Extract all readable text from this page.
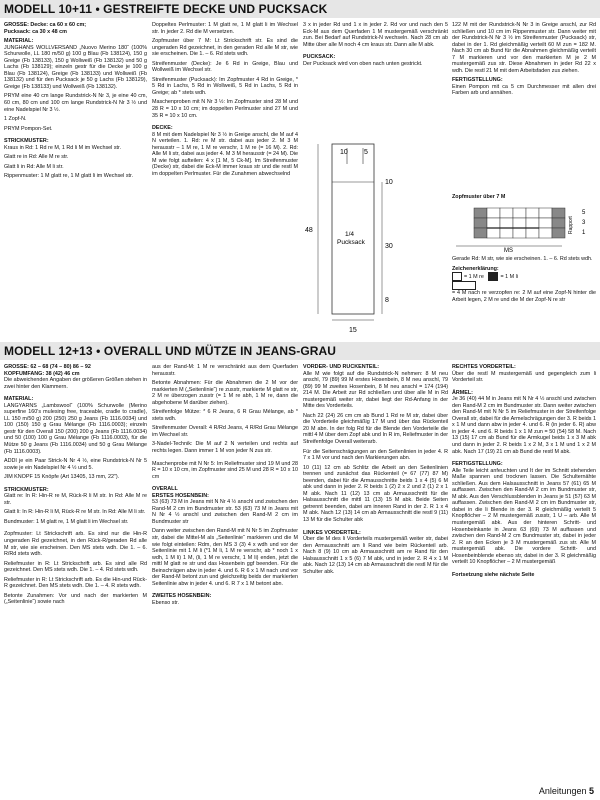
MODELL 10+11 • GESTREIFTE DECKE UND PUCKSACK
GRÖSSE: Decke: ca 60 x 60 cm;
Pucksack: ca 30 x 48 cm
MATERIAL:

JUNGHANS WOLLVERSAND „Nuovo Merino 180“ (100% Schurwolle, LL 180 m/50 g) 100 g Blau (Fb 138124), 150 g Greige (Fb 138133), 150 g Wollweiß (Fb 138132) und 50 g Lachs (Fb 138129); einzeln gestr für die Decke je 100 g Blau (Fb 138124), Greige (Fb 138133) und Wollweiß (Fb 138132) und für den Pucksack je 50 g Lachs (Fb 138129), Greige (Fb 138133) und Wollweiß (Fb 138132).

PRYM eine 40 cm lange Rundstrick-N Nr 3, je eine 40 cm, 60 cm, 80 cm und 100 cm lange Rundstrick-N Nr 3 ½ und eine Nadelspiel Nr 3 ½.

1 Zopf-N.

PRYM Pompon-Set.

STRICKMUSTER:

Kraus in Rd: 1 Rd re M, 1 Rd li M im Wechsel str.

Glatt re in Rd: Alle M re str.

Glatt li in Rd: Alle M li str.

Rippenmuster: 1 M glatt re, 1 M glatt li im Wechsel str.

Doppeltes Perlmuster: 1 M glatt re, 1 M glatt li im Wechsel str. In jeder 2. Rd die M versetzen.

Zopfmuster über 7 M: Lt Strickschrift str. Es sind die ungeraden Rd gezeichnet, in den geraden Rd alle M str, wie sie erscheinen. Die 1. – 6. Rd stets wdh.

Streifenmuster (Decke): Je 6 Rd in Greige, Blau und Wollweiß im Wechsel str.

Streifenmuster (Pucksack): Im Zopfmuster 4 Rd in Greige, * 5 Rd in Lachs, 5 Rd in Wollweiß, 5 Rd in Lachs, 5 Rd in Greige; ab * stets wdh.

Maschenproben mit N Nr 3 ½: Im Zopfmuster sind 28 M und 28 R = 10 x 10 cm; im doppelten Perlmuster sind 27 M und 35 R = 10 x 10 cm.

DECKE:

8 M mit dem Nadelspiel Nr 3 ½ in Greige anschl, die M auf 4 N verteilen. 1. Rd: re M str. dabei aus jeder 2. M 3 M herausstr – 1 M re, 1 M re verschr, 1 M re (= 16 M). 2. Rd: Alle M li str, dabei aus jeder 4. M 3 M herausstr (= 24 M). Die M wie folgt aufteilen: 4 x [1 M, 5 Ck-M]. Im Streifenmuster (Decke) str, dabei die Eck-M immer kraus str und die restl M im doppelten Perlmuster. Für die Zunahmen abwechselnd

3 x in jeder Rd und 1 x in jeder 2. Rd vor und nach den 5 Eck-M aus dem Querfaden 1 M mustergemäß verschränkt zun. Bei Bedarf auf Rundstrick-N wechseln. Nach 28 cm ab Mitte über alle M noch 4 cm kraus str. Dann alle M abk.

PUCKSACK:

Der Pucksack wird von oben nach unten gestrickt.

122 M mit der Rundstrick-N Nr 3 in Greige anschl, zur Rd schließen und 10 cm im Rippenmuster str. Dann weiter mit der Rundstrick-N Nr 3 ½ im Streifenmuster (Pucksack) str, dabei in der 1. Rd gleichmäßig verteilt 60 M zun = 182 M. Nach 30 cm ab Bund für die Abnahmen gleichmäßig verteilt 7 M markieren und vor den markierten M je 2 M mustergemäß zus str. Diese Abnahmen in jeder Rd 22 x wdh. Die restl 21 M mit dem Arbeitsfaden zus ziehen.

FERTIGSTELLUNG:

Einen Pompon mit ca 5 cm Durchmesser mit allen drei Farben arb und annähen.

10 5
48
1/4
Pucksack
10
30
8
15
Zopfmuster über 7 M
Rapport
5
3
1
MS

Gerade Rd: M str, wie sie erscheinen. 1. – 6. Rd stets wdh.

Zeichenerklärung:
= 1 M re	= 1 M li

= 4 M nach re verzopfen re: 2 M auf eine Zopf-N hinter die Arbeit legen, 2 M re und die M der Zopf-N re str

MODELL 12+13 • OVERALL UND MÜTZE IN JEANS-GRAU
GRÖSSE: 62 – 68 (74 – 80) 86 – 92
KOPFUMFANG: 38 (42) 46 cm

Die abweichenden Angaben der größeren Größen stehen in zwei hinter den Klammern.

MATERIAL:

LANGYARNS „Lambswool“ (100% Schurwolle (Merino superfine 160's mulesing free, traceable, cradle to cradle), LL 150 m/50 g) 200 (250) 250 g Jeans (Fb 1116.0034) und 100 (150) 150 g Grau Mélange (Fb 1116.0003); einzeln gestr für den Overall 150 (200) 200 g Jeans (Fb 1116.0034) und 50 (100) 100 g Grau Mélange (Fb 1116.0003), für die Mütze 50 g Jeans (Fb 1116.0034) und 50 g Grau Mélange (Fb 1116.0003).

ADDI je ein Paar Strick-N Nr 4 ½, eine Rundstrick-N Nr 5 sowie je ein Nadelspiel Nr 4 ½ und 5.

JIM KNOPF 15 Knöpfe (Art 13405, 13 mm, 22").

STRICKMUSTER:

Glatt re: In R: Hin-R re M, Rück-R li M str. In Rd: Alle M re str.

Glatt li: In R: Hin-R li M, Rück-R re M str. In Rd: Alle M li str.

Bundmuster: 1 M glatt re, 1 M glatt li im Wechsel str.

Zopfmuster: Lt Strickschrift arb. Es sind nur die Hin-R ungeraden Rd gezeichnet, in den Rück-R/geraden Rd alle M str, wie sie erscheinen. Den MS stets wdh. Die 1. – 6. R/Rd stets wdh.

Reliefmuster in R: Lt Strickschrift arb. Es sind alle Rd gezeichnet. Den MS stets wdh. Die 1. – 4. Rd stets wdh.

Reliefmuster in R: Lt Strickschrift arb. Es die Hin-und Rück-R gezeichnet. Den MS stets wdh. Die 1. – 4. R stets wdh.

Betonte Zunahmen: Vor und nach der markierten M („Seitenlinie“) sowie nach

aus der Rand-M: 1 M re verschränkt aus dem Querfaden herausstr.

Betonte Abnahmen: Für die Abnahmen die 2 M vor der markierten M („Seitenlinie“) re zusstr, markierte M glatt re str, 2 M re überzogen zusstr (= 1 M re abh, 1 M re, dann die abgehobene M darüber ziehen).

Streifenfolge Mütze: * 6 R Jeans, 6 R Grau Mélange, ab * stets wdh.

Streifenmuster Overall: 4 R/Rd Jeans, 4 R/Rd Grau Mélange im Wechsel str.

3-Nadel-Technik: Die M auf 2 N verteilen und rechts auf rechts legen. Dann immer 1 M von jeder N zus str.

Maschenprobe mit N Nr 5: Im Reliefmuster sind 19 M und 28 R = 10 x 10 cm, im Zopfmuster sind 25 M und 28 R = 10 x 10 cm

OVERALL
ERSTES HOSENBEIN:

53 (63) 73 M in Jeans mit N Nr 4 ½ anschl und zwischen den Rand-M 2 cm im Bundmuster str. 53 (63) 73 M in Jeans mit N Nr 4 ½ anschl und zwischen den Rand-M 2 cm im Bundmuster str

Dann weiter zwischen den Rand-M mit N Nr 5 im Zopfmuster str, dabei die Mittel-M als „Seitenlinie“ markieren und die M wie folgt einteilen: Rdm, den MS 3 (3) 4 x wdh und vor der Seitenlinie mit 1 M li (*1 M li, 1 M re verschr, ab * noch 1 x wdh, 1 M li) 1 M, (li, 1 M re verschr, 1 M li) enden, jetzt die mittl M glatt re str und das Hosenbein ggf beenden. Für die Beinschrägen abw in jeder 4. und 6. R 6 x 1 M nach und vor der Rand-M betont zun und gleichzeitig beids der markierten Seitenlinie abw in jeder 4. und 6. R 7 x 1 M betont abn.

ZWEITES HOSENBEIN:

Ebenso str.

VORDER- UND RÜCKENTEIL:

Alle M wie folgt auf die Rundstrick-N nehmen: 8 M neu anschl, 79 (89) 99 M erstes Hosenbein, 8 M neu anschl, 79 (89) 99 M zweites Hosenbein, 8 M neu anschl = 174 (194) 214 M. Die Arbeit zur Rd schließen und über alle M in Rd mustergemäß weiter str, dabei liegt der Rd-Anfang in der Mitte des Vorderteils.

Nach 22 (24) 26 cm cm ab Bund 1 Rd re M str, dabei über die Vorderteile gleichmäßig 17 M und über das Rückenteil 20 M abn. In der folg Rd für die Blende den Vorderteile die mittl 4 M über dem Zopf abk und In R im, Reliefmuster in der Streifenfolge Overall weiterarb.

Für die Seitenschrägungen an den Seitenlinien in jeder 4. R 7 x 1 M vor und nach den Markierungen abn.

10 (11) 12 cm ab Schlitz die Arbeit an den Seitenlinien trennen und zunächst das Rückenteil (= 67 (77) 87 M) beenden, dabei für die Armausschnitte beids 1 x 4 (5) 6 M abk und dann in jeder 2. R beids 1 (2) 2 x 2 und 2 (1) 2 x 1 M abk. Nach 11 (12) 13 cm ab Armausschnitt für die Halsausschnitt die mittl 11 (13) 15 M abk. Beide Seiten getrennt beenden, dabei am inneren Rand in der 2. R 1 x 4 M abk. Nach 12 (13) 14 cm ab Armausschnitt die restl 9 (11) 13 M für die Schulter abk

LINKES VORDERTEIL:

Über die M des li Vorderteils mustergemäß weiter str, dabei den Armausschnitt am li Rand wie beim Rückenteil arb. Nach 8 (9) 10 cm ab Armausschnitt am re Rand für den Halsausschnitt 1 x 5 (6) 7 M abk, und in jeder 2. R 4 x 1 M abk. Nach 12 (13) 14 cm ab Armausschnitt die restl M für die Schulter abk.

RECHTES VORDERTEIL:

Über die restl M mustergemäß und gegengleich zum li Vorderteil str.

ÄRMEL:

Je 36 (40) 44 M in Jeans mit N Nr 4 ½ anschl und zwischen den Rand-M 2 cm im Bundmuster str. Dann weiter zwischen den Rand-M mit N Nr 5 im Reliefmuster in der Streifenfolge Overall str, dabei für die Armelschrägungen der 3. R beids 1 x 1 M und dann abw in jeder 4. und 6. R (in jeder 6. R) abw in jeder 4. und 6. R beids 1 x 1 M zun = 50 (54) 58 M. Nach 13 (15) 17 cm ab Bund für die Armkugel beids 1 x 3 M abk und dann in jeder 2. R beids 1 x 2 M, 3 x 1 M und 1 x 2 M abk. Nach 17 (19) 21 cm ab Bund die restl M abk.

FERTIGSTELLUNG:

Alle Teile leicht anfeuchten und It der im Schnitt stehenden Maße spannen und trocknen lassen. Die Schulternähte schließen. Aus dem Halsausschnitt in Jeans 57 (61) 65 M auffassen. Zwischen den Rand-M 2 cm im Bundmuster str, M abk. Aus den Verschlussblenden in Jeans je 51 (57) 63 M auffassen. Zwischen den Rand-M 2 cm im Bundmuster str, dabei in die li Blende in der 3. R gleichmäßig verteilt 5 Knopflöcher – 2 M mustergemäß zusstr, 1 U – arb. Alle M mustergemäß abk. Aus der hinteren Schritt- und Hosenbeinkante in Jeans 63 (69) 73 M auffassen und zwischen den Rand-M 2 cm Bundmuster str, dabei in jeder 2. R an den Ecken je 3 M mustergemäß zus str. Alle M mustergemäß abk. Die vordere Schritt- und Hosenbeinblende ebenso str, dabei in der 3. R gleichmäßig verteilt 10 Knopflöcher – 2 M mustergemäß

Fortsetzung siehe nächste Seite
Anleitungen 5
